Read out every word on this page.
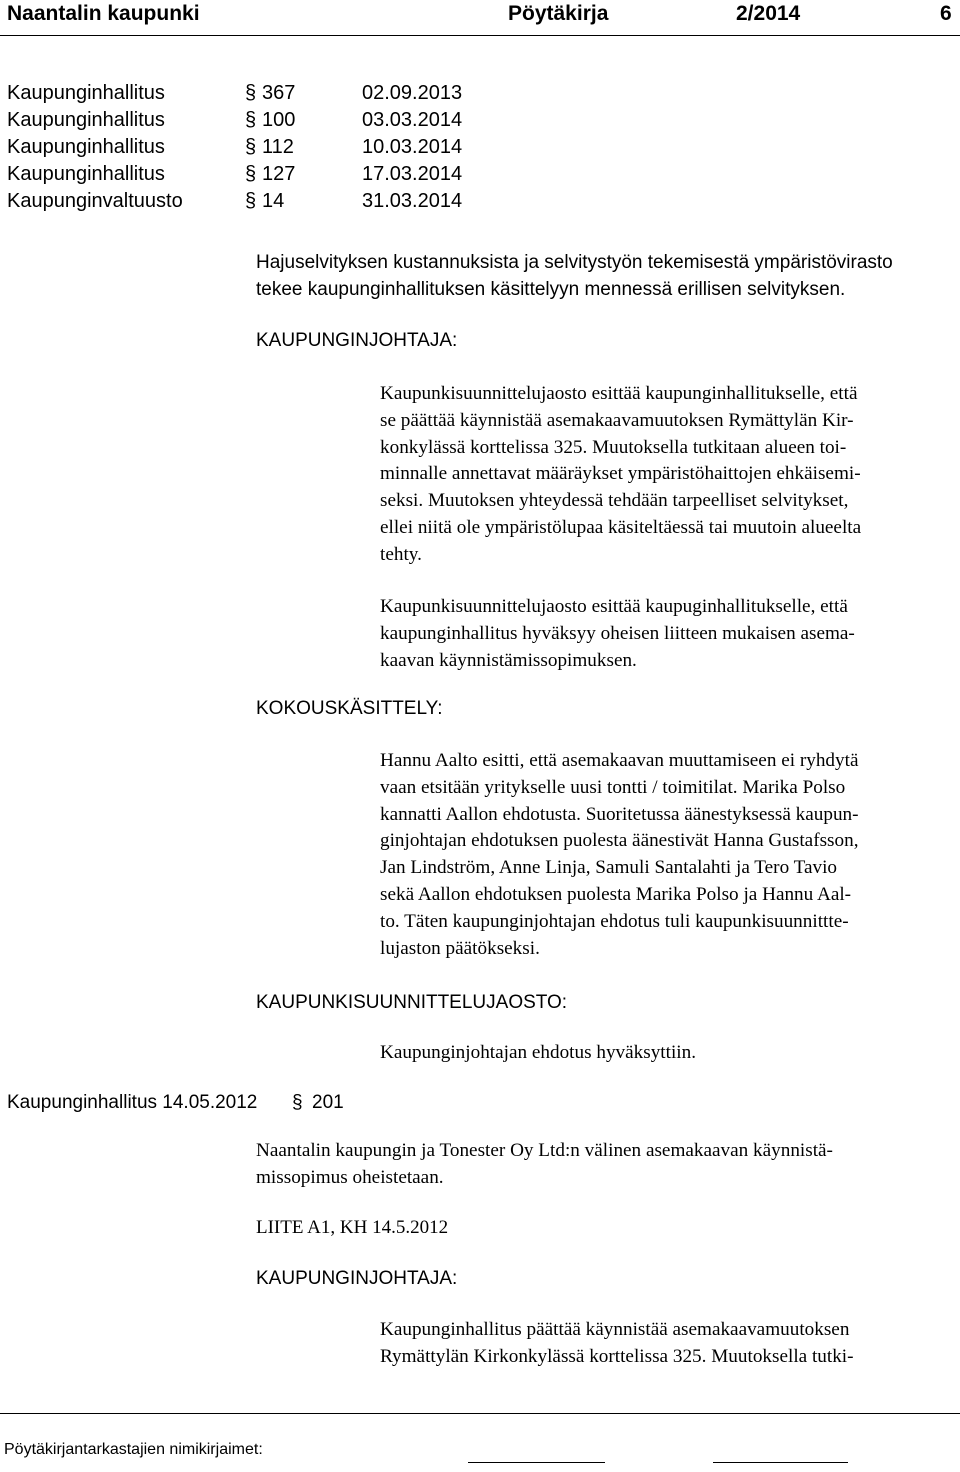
Naantalin kaupunki	Pöytäkirja	2/2014	6
Kaupunginhallitus	§ 367	02.09.2013
Kaupunginhallitus	§ 100	03.03.2014
Kaupunginhallitus	§ 112	10.03.2014
Kaupunginhallitus	§ 127	17.03.2014
Kaupunginvaltuusto	§ 14	31.03.2014
Hajuselvityksen kustannuksista ja selvitystyön tekemisestä ympäristövirasto
tekee kaupunginhallituksen käsittelyyn mennessä erillisen selvityksen.
KAUPUNGINJOHTAJA:
Kaupunkisuunnittelujaosto esittää kaupunginhallitukselle, että
se päättää käynnistää asemakaavamuutoksen Rymättylän Kir-
konkylässä korttelissa 325. Muutoksella tutkitaan alueen toi-
minnalle annettavat määräykset ympäristöhaittojen ehkäisemi-
seksi. Muutoksen yhteydessä tehdään tarpeelliset selvitykset,
ellei niitä ole ympäristölupaa käsiteltäessä tai muutoin alueelta
tehty.
Kaupunkisuunnittelujaosto esittää kaupuginhallitukselle, että
kaupunginhallitus hyväksyy oheisen liitteen mukaisen asema-
kaavan käynnistämissopimuksen.
KOKOUSKÄSITTELY:
Hannu Aalto esitti, että asemakaavan muuttamiseen ei ryhdytä
vaan etsitään yritykselle uusi tontti / toimitilat. Marika Polso
kannatti Aallon ehdotusta. Suoritetussa äänestyksessä kaupun-
ginjohtajan ehdotuksen puolesta äänestivät Hanna Gustafsson,
Jan Lindström, Anne Linja, Samuli Santalahti ja Tero Tavio
sekä Aallon ehdotuksen puolesta Marika Polso ja Hannu Aal-
to. Täten kaupunginjohtajan ehdotus tuli kaupunkisuunnittte-
lujaston päätökseksi.
KAUPUNKISUUNNITTELUJAOSTO:
Kaupunginjohtajan ehdotus hyväksyttiin.
Kaupunginhallitus 14.05.2012 § 201
Naantalin kaupungin ja Tonester Oy Ltd:n välinen asemakaavan käynnistä-
missopimus oheistetaan.
LIITE A1, KH 14.5.2012
KAUPUNGINJOHTAJA:
Kaupunginhallitus päättää käynnistää asemakaavamuutoksen
Rymättylän Kirkonkylässä korttelissa 325. Muutoksella tutki-
Pöytäkirjantarkastajien nimikirjaimet:
